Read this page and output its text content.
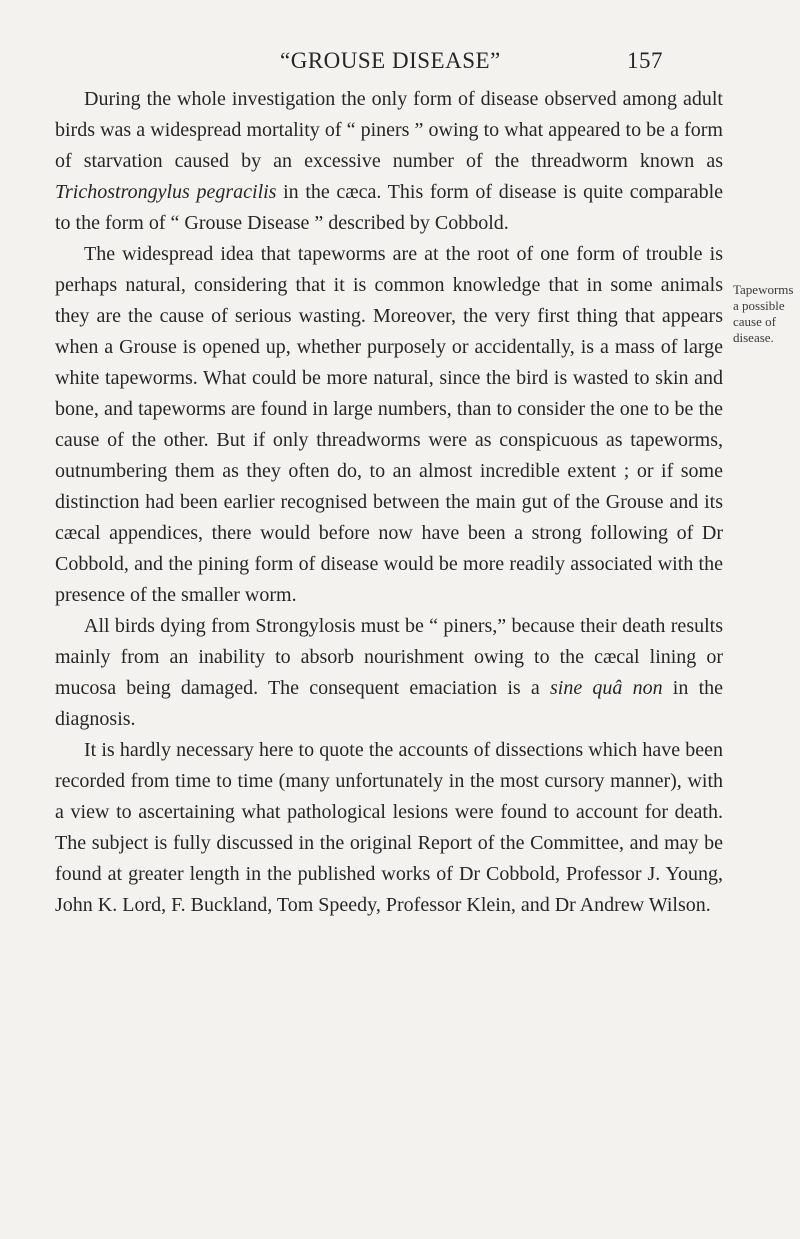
“GROUSE DISEASE”	157

During the whole investigation the only form of disease observed among adult birds was a widespread mortality of “ piners ” owing to what appeared to be a form of starvation caused by an excessive number of the threadworm known as Trichostrongylus pegracilis in the cæca. This form of disease is quite comparable to the form of “ Grouse Disease ” described by Cobbold.

The widespread idea that tapeworms are at the root of one form of trouble is perhaps natural, considering that it is common knowledge that in some animals they are the cause of serious wasting. Moreover, the very first thing that appears when a Grouse is opened up, whether purposely or accidentally, is a mass of large white tapeworms. What could be more natural, since the bird is wasted to skin and bone, and tapeworms are found in large numbers, than to consider the one to be the cause of the other. But if only threadworms were as conspicuous as tapeworms, outnumbering them as they often do, to an almost incredible extent ; or if some distinction had been earlier recognised between the main gut of the Grouse and its cæcal appendices, there would before now have been a strong following of Dr Cobbold, and the pining form of disease would be more readily associated with the presence of the smaller worm.

All birds dying from Strongylosis must be “ piners,” because their death results mainly from an inability to absorb nourishment owing to the cæcal lining or mucosa being damaged. The consequent emaciation is a sine quâ non in the diagnosis.

It is hardly necessary here to quote the accounts of dissections which have been recorded from time to time (many unfortunately in the most cursory manner), with a view to ascertaining what pathological lesions were found to account for death. The subject is fully discussed in the original Report of the Committee, and may be found at greater length in the published works of Dr Cobbold, Professor J. Young, John K. Lord, F. Buckland, Tom Speedy, Professor Klein, and Dr Andrew Wilson.

Tapeworms
a possible
cause of
disease.
